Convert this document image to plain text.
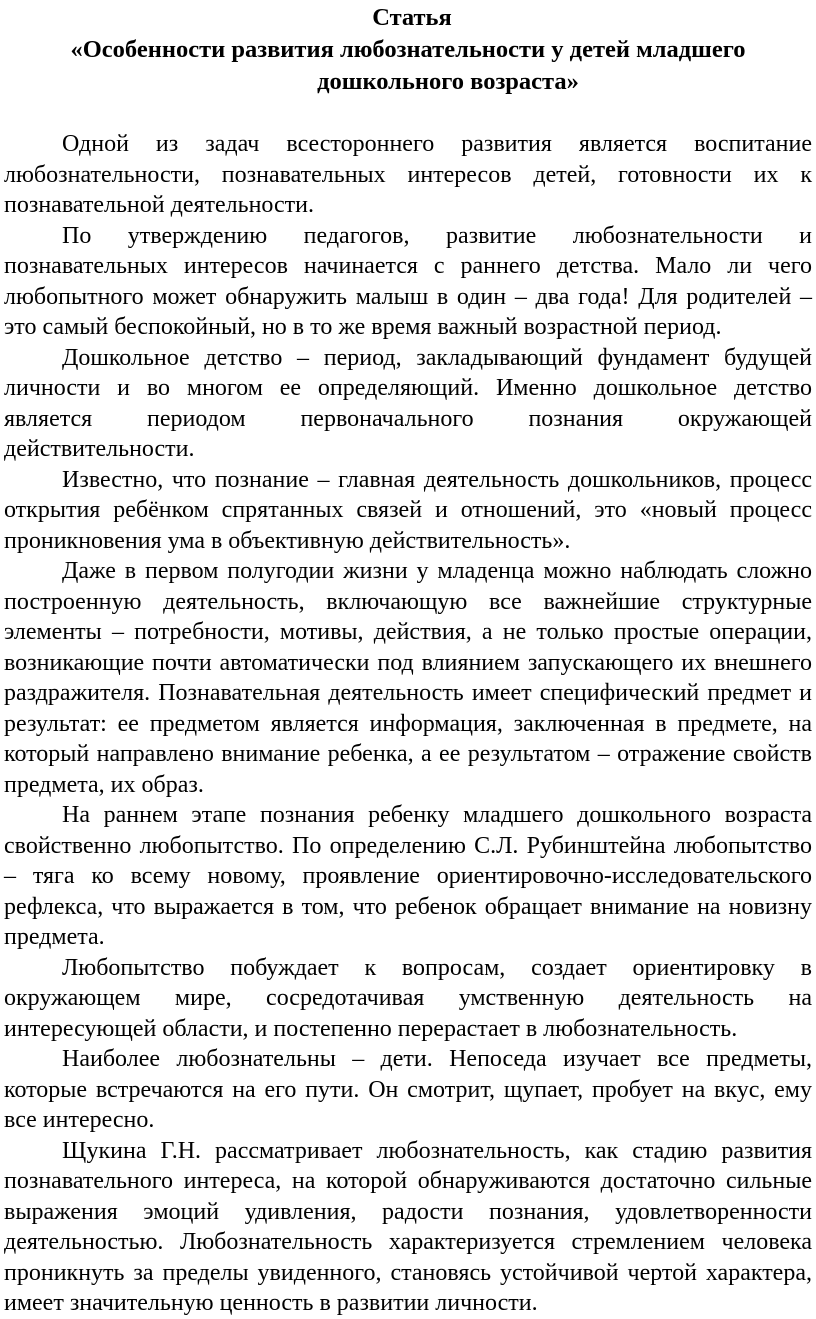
Статья
«Особенности развития любознательности у детей младшего
дошкольного возраста»

Одной из задач всестороннего развития является воспитание любознательности, познавательных интересов детей, готовности их к познавательной деятельности.

По утверждению педагогов, развитие любознательности и познавательных интересов начинается с раннего детства. Мало ли чего любопытного может обнаружить малыш в один – два года! Для родителей – это самый беспокойный, но в то же время важный возрастной период.

Дошкольное детство – период, закладывающий фундамент будущей личности и во многом ее определяющий. Именно дошкольное детство является периодом первоначального познания окружающей действительности.

Известно, что познание – главная деятельность дошкольников, процесс открытия ребёнком спрятанных связей и отношений, это «новый процесс проникновения ума в объективную действительность».

Даже в первом полугодии жизни у младенца можно наблюдать сложно построенную деятельность, включающую все важнейшие структурные элементы – потребности, мотивы, действия, а не только простые операции, возникающие почти автоматически под влиянием запускающего их внешнего раздражителя. Познавательная деятельность имеет специфический предмет и результат: ее предметом является информация, заключенная в предмете, на который направлено внимание ребенка, а ее результатом – отражение свойств предмета, их образ.

На раннем этапе познания ребенку младшего дошкольного возраста свойственно любопытство. По определению С.Л. Рубинштейна любопытство – тяга ко всему новому, проявление ориентировочно-исследовательского рефлекса, что выражается в том, что ребенок обращает внимание на новизну предмета.

Любопытство побуждает к вопросам, создает ориентировку в окружающем мире, сосредотачивая умственную деятельность на интересующей области, и постепенно перерастает в любознательность.

Наиболее любознательны – дети. Непоседа изучает все предметы, которые встречаются на его пути. Он смотрит, щупает, пробует на вкус, ему все интересно.

Щукина Г.Н. рассматривает любознательность, как стадию развития познавательного интереса, на которой обнаруживаются достаточно сильные выражения эмоций удивления, радости познания, удовлетворенности деятельностью. Любознательность характеризуется стремлением человека проникнуть за пределы увиденного, становясь устойчивой чертой характера, имеет значительную ценность в развитии личности.
